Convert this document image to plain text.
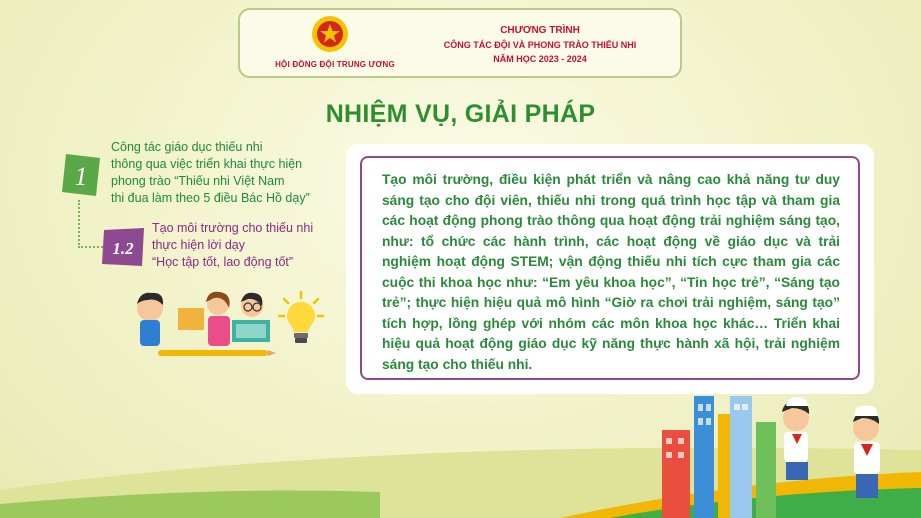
HỘI ĐỒNG ĐỘI TRUNG ƯƠNG
CHƯƠNG TRÌNH
CÔNG TÁC ĐỘI VÀ PHONG TRÀO THIẾU NHI
NĂM HỌC 2023 - 2024
NHIỆM VỤ, GIẢI PHÁP
1
1.2
Công tác giáo dục thiếu nhi
thông qua việc triển khai thực hiện
phong trào “Thiếu nhi Việt Nam
thi đua làm theo 5 điều Bác Hồ dạy”
Tạo môi trường cho thiếu nhi
thực hiện lời dạy
“Học tập tốt, lao động tốt”
Tạo môi trường, điều kiện phát triển và nâng cao khả năng tư duy sáng tạo cho đội viên, thiếu nhi trong quá trình học tập và tham gia các hoạt động phong trào thông qua hoạt động trải nghiệm sáng tạo, như: tổ chức các hành trình, các hoạt động về giáo dục và trải nghiệm hoạt động STEM; vận động thiếu nhi tích cực tham gia các cuộc thi khoa học như: “Em yêu khoa học”, “Tin học trẻ”, “Sáng tạo trẻ”; thực hiện hiệu quả mô hình “Giờ ra chơi trải nghiệm, sáng tạo” tích hợp, lồng ghép với nhóm các môn khoa học khác… Triển khai hiệu quả hoạt động giáo dục kỹ năng thực hành xã hội, trải nghiệm sáng tạo cho thiếu nhi.
